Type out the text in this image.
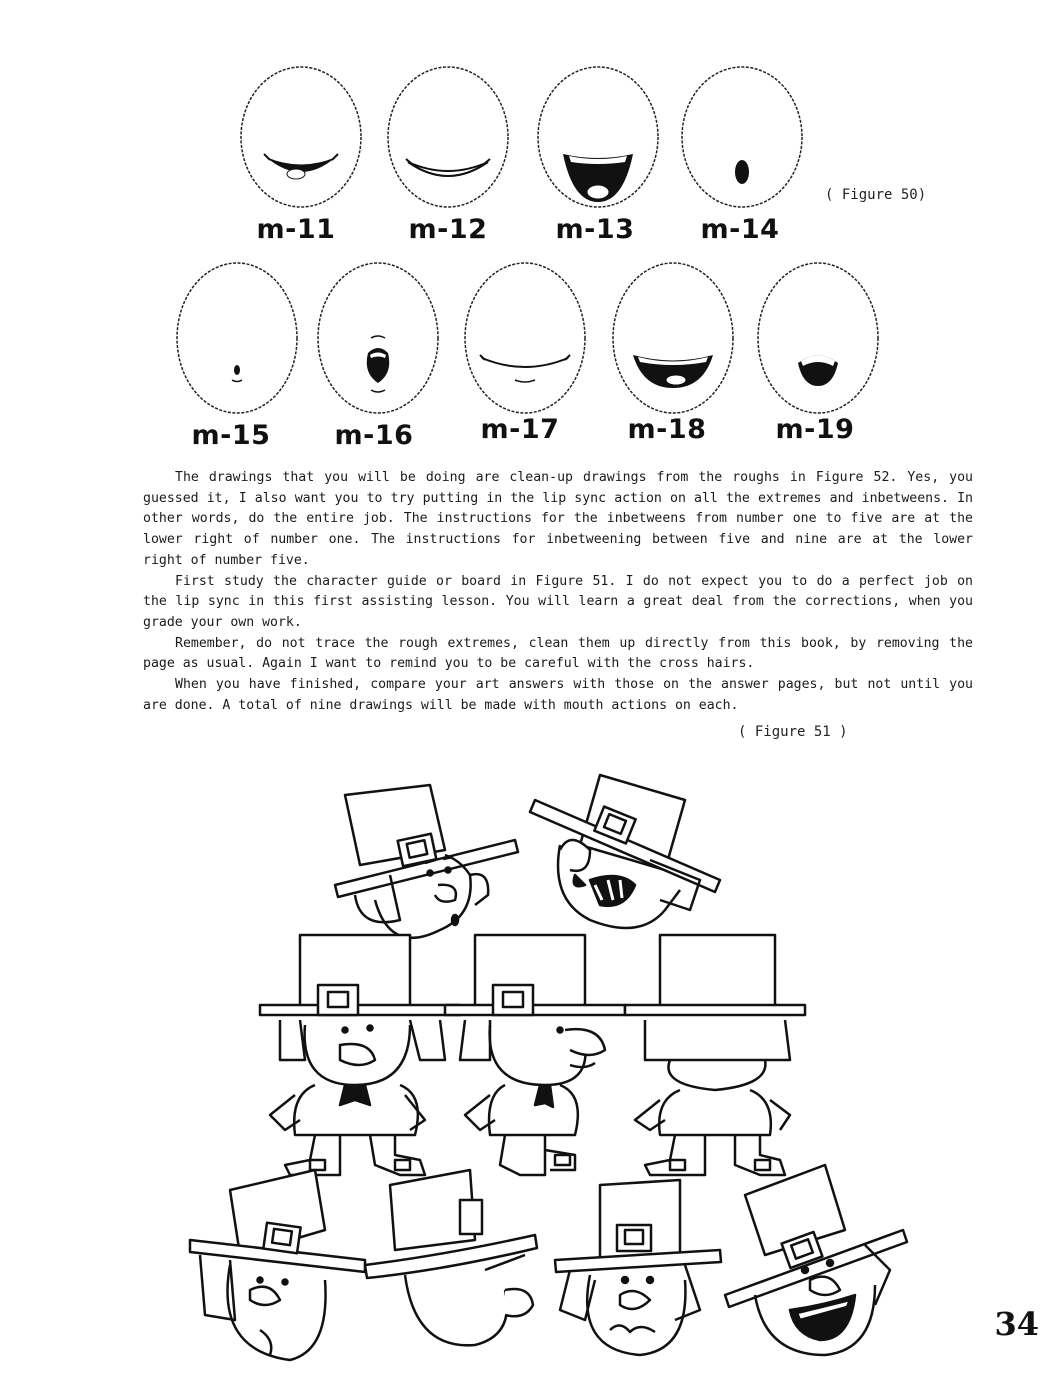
m-11	m-12	m-13	m-14
( Figure 50)
m-15	m-16	m-17	m-18	m-19

The drawings that you will be doing are clean-up drawings from the roughs in Figure 52. Yes, you guessed it, I also want you to try putting in the lip sync action on all the extremes and inbetweens. In other words, do the entire job. The instructions for the inbetweens from number one to five are at the lower right of number one. The instructions for inbetweening between five and nine are at the lower right of number five.

First study the character guide or board in Figure 51. I do not expect you to do a perfect job on the lip sync in this first assisting lesson. You will learn a great deal from the corrections, when you grade your own work.

Remember, do not trace the rough extremes, clean them up directly from this book, by removing the page as usual. Again I want to remind you to be careful with the cross hairs.

When you have finished, compare your art answers with those on the answer pages, but not until you are done. A total of nine drawings will be made with mouth actions on each.

( Figure 51 )
34
